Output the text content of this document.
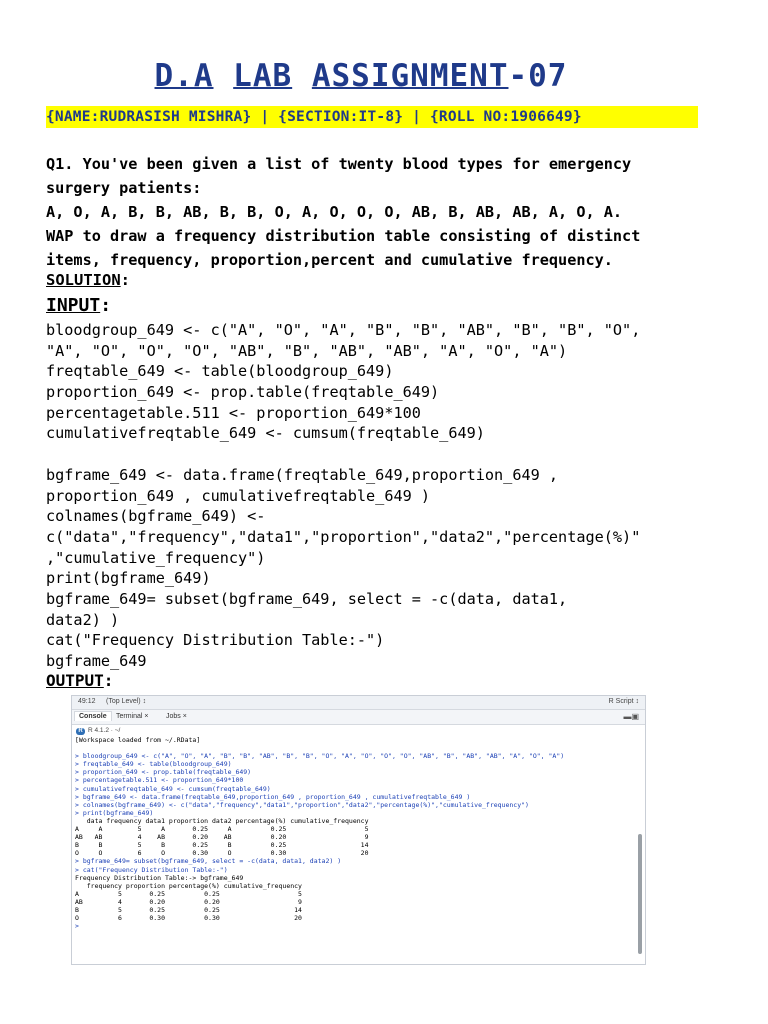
D.A LAB ASSIGNMENT-07
{NAME:RUDRASISH MISHRA} | {SECTION:IT-8} | {ROLL NO:1906649}
Q1. You've been given a list of twenty blood types for emergency
surgery patients:
A, O, A, B, B, AB, B, B, O, A, O, O, O, AB, B, AB, AB, A, O, A.
WAP to draw a frequency distribution table consisting of distinct
items, frequency, proportion,percent and cumulative frequency.
SOLUTION:
INPUT:
bloodgroup_649 <- c("A", "O", "A", "B", "B", "AB", "B", "B", "O",
"A", "O", "O", "O", "AB", "B", "AB", "AB", "A", "O", "A")
freqtable_649 <- table(bloodgroup_649)
proportion_649 <- prop.table(freqtable_649)
percentagetable.511 <- proportion_649*100
cumulativefreqtable_649 <- cumsum(freqtable_649)
bgframe_649 <- data.frame(freqtable_649,proportion_649 ,
proportion_649 , cumulativefreqtable_649 )
colnames(bgframe_649) <-
c("data","frequency","data1","proportion","data2","percentage(%)"
,"cumulative_frequency")
print(bgframe_649)
bgframe_649= subset(bgframe_649, select = -c(data, data1,
data2) )
cat("Frequency Distribution Table:-")
bgframe_649
OUTPUT:
49:12 (Top Level) ↕	R Script ↕
Console	Terminal ×	Jobs ×	▬▣
R R 4.1.2 · ~/
[Workspace loaded from ~/.RData]
> bloodgroup_649 <- c("A", "O", "A", "B", "B", "AB", "B", "B", "O", "A", "O", "O", "O", "AB", "B", "AB", "AB", "A", "O", "A")
> freqtable_649 <- table(bloodgroup_649)
> proportion_649 <- prop.table(freqtable_649)
> percentagetable.511 <- proportion_649*100
> cumulativefreqtable_649 <- cumsum(freqtable_649)
> bgframe_649 <- data.frame(freqtable_649,proportion_649 , proportion_649 , cumulativefreqtable_649 )
> colnames(bgframe_649) <- c("data","frequency","data1","proportion","data2","percentage(%)","cumulative_frequency")
> print(bgframe_649)
data frequency data1 proportion data2 percentage(%) cumulative_frequency
A     A         5     A       0.25     A          0.25                    5
AB   AB         4    AB       0.20    AB          0.20                    9
B     B         5     B       0.25     B          0.25                   14
O     O         6     O       0.30     O          0.30                   20
> bgframe_649= subset(bgframe_649, select = -c(data, data1, data2) )
> cat("Frequency Distribution Table:-")
Frequency Distribution Table:-> bgframe_649
frequency proportion percentage(%) cumulative_frequency
A          5       0.25          0.25                    5
AB         4       0.20          0.20                    9
B          5       0.25          0.25                   14
O          6       0.30          0.30                   20
>
